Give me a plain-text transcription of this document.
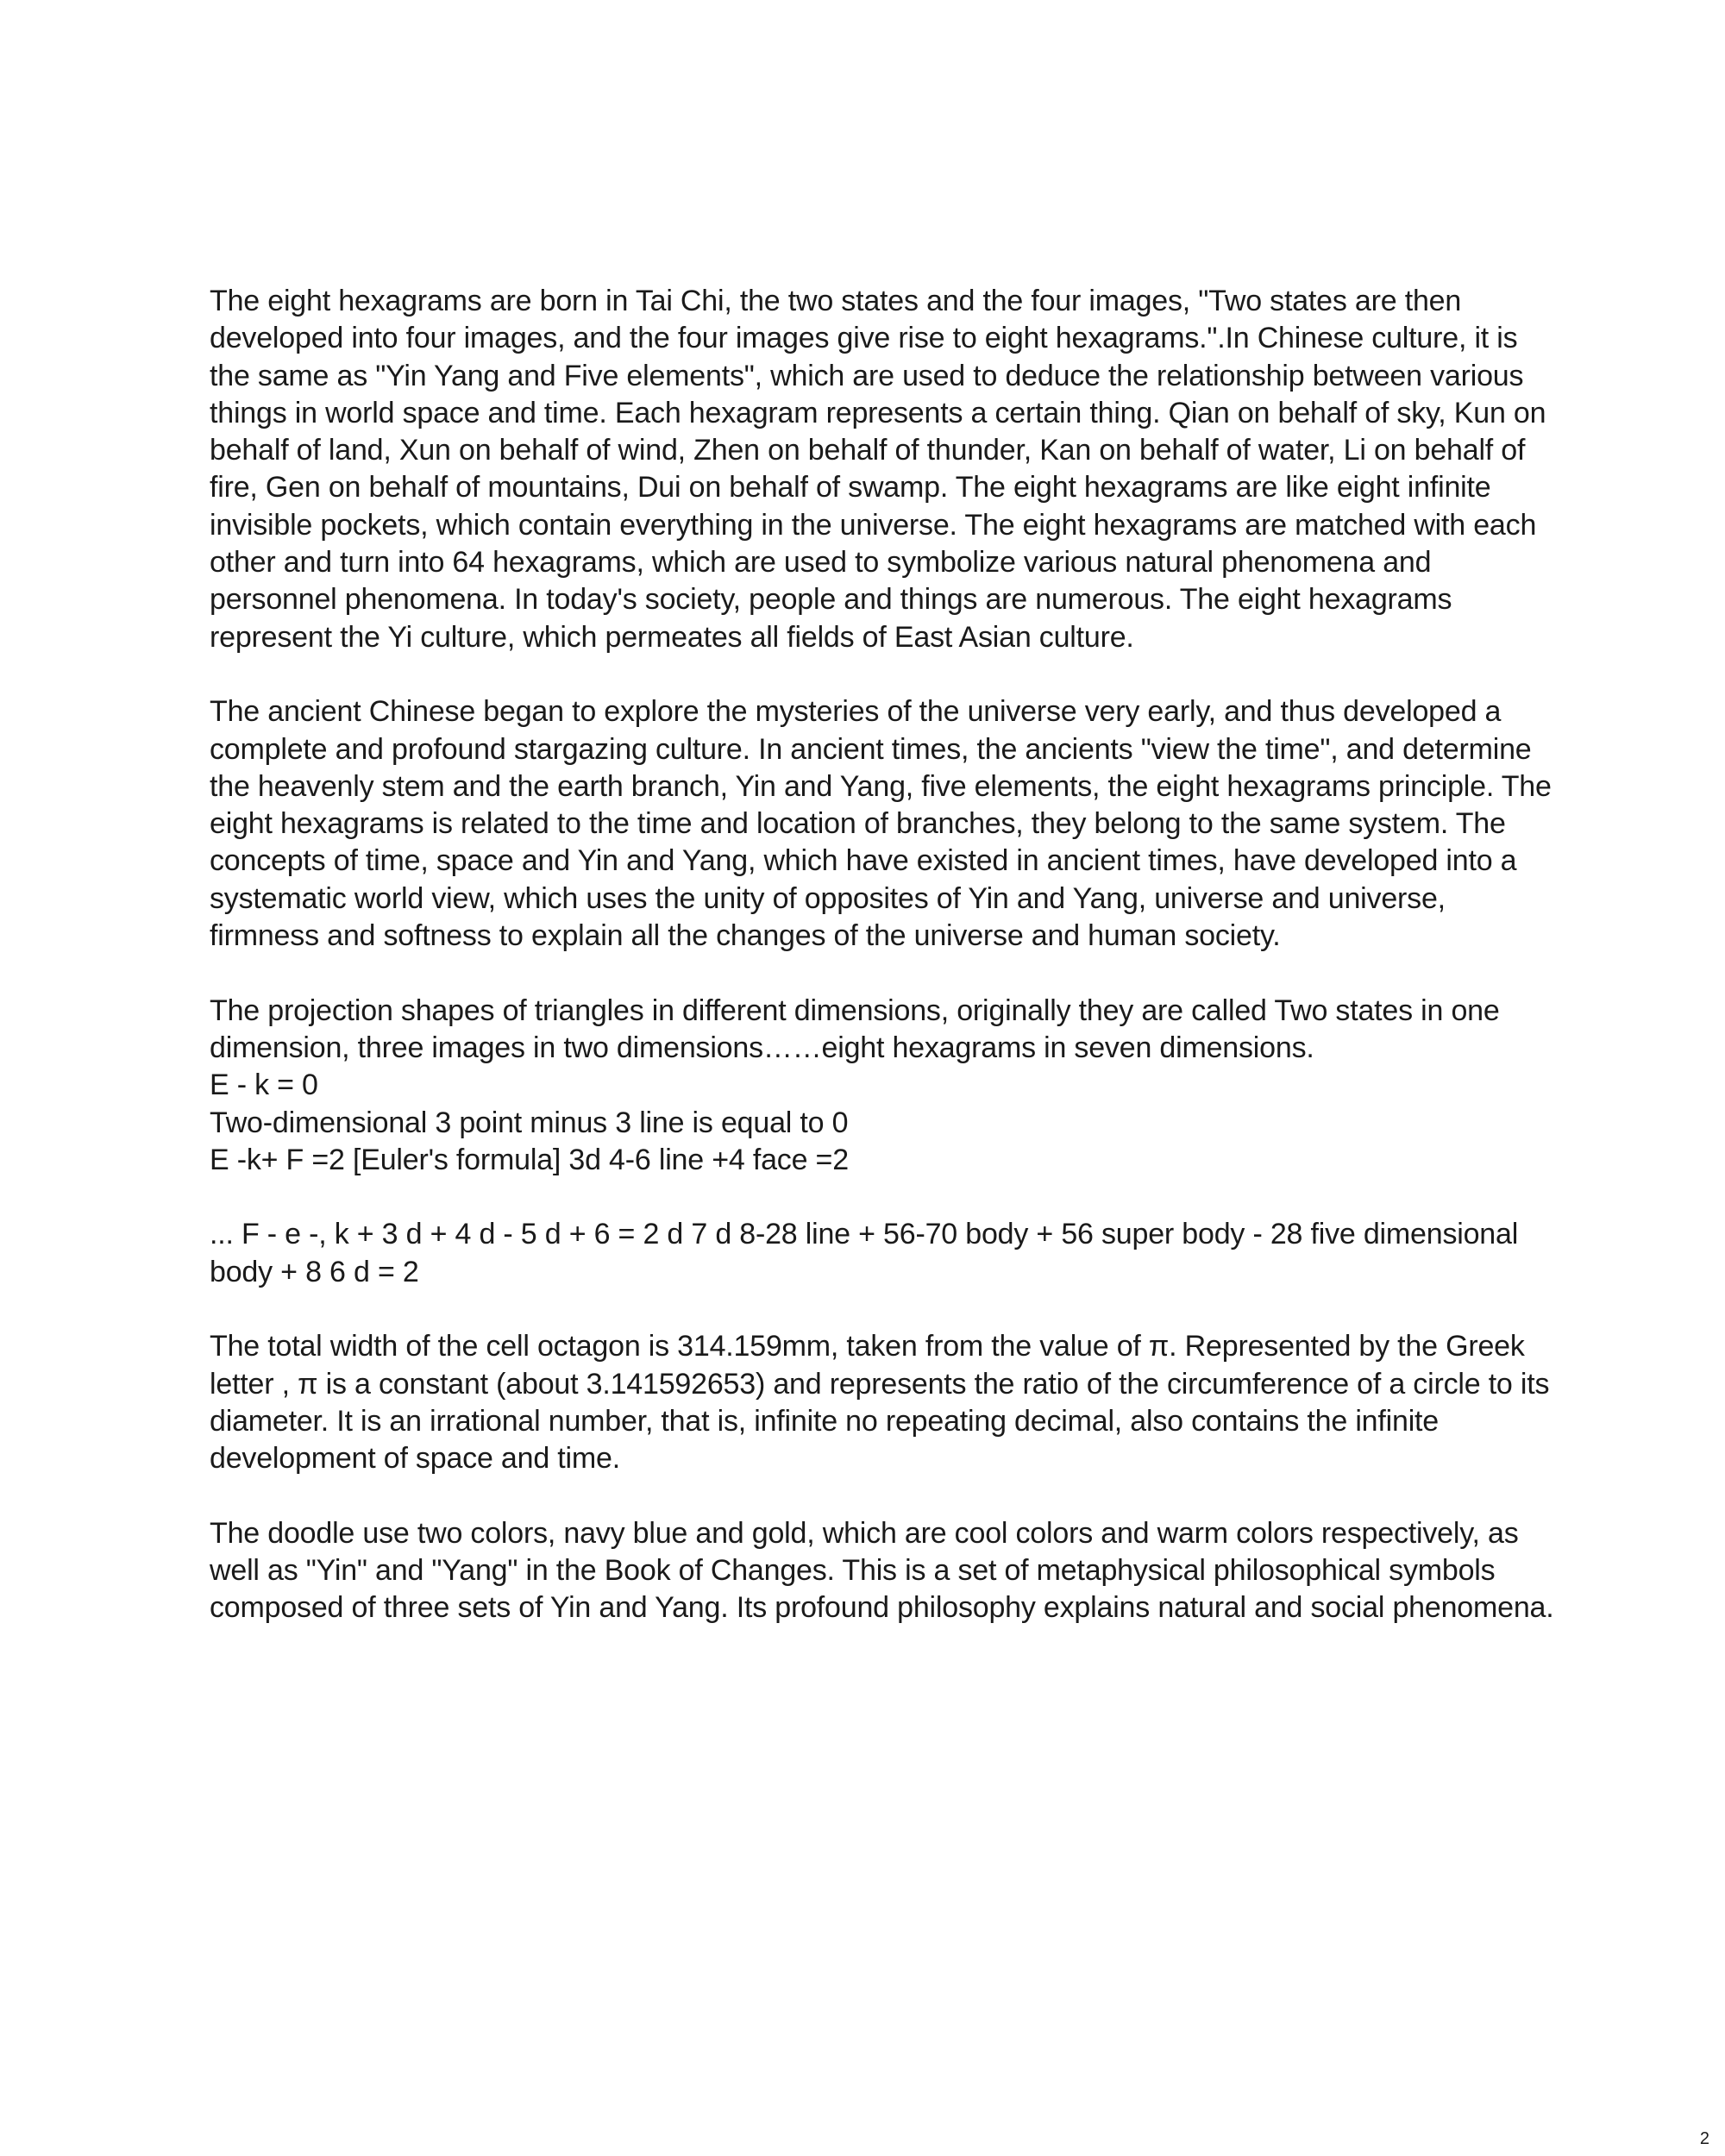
The eight hexagrams are born in Tai Chi, the two states and the four images, "Two states are then developed into four images, and the four images give rise to eight hexagrams.".In Chinese culture, it is the same as "Yin Yang and Five elements", which are used to deduce the relationship between various things in world space and time. Each hexagram represents a certain thing. Qian on behalf of sky, Kun on behalf of land, Xun on behalf of wind, Zhen on behalf of thunder, Kan on behalf of water, Li on behalf of fire, Gen on behalf of mountains, Dui on behalf of swamp. The eight hexagrams are like eight infinite invisible pockets, which contain everything in the universe. The eight hexagrams are matched with each other and turn into 64 hexagrams, which are used to symbolize various natural phenomena and personnel phenomena. In today's society, people and things are numerous. The eight hexagrams represent the Yi culture, which permeates all fields of East Asian culture.

The ancient Chinese began to explore the mysteries of the universe very early, and thus developed a complete and profound stargazing culture. In ancient times, the ancients "view the time", and determine the heavenly stem and the earth branch, Yin and Yang, five elements, the eight hexagrams principle. The eight hexagrams is related to the time and location of branches, they belong to the same system. The concepts of time, space and Yin and Yang, which have existed in ancient times, have developed into a systematic world view, which uses the unity of opposites of Yin and Yang, universe and universe, firmness and softness to explain all the changes of the universe and human society.

The projection shapes of triangles in different dimensions, originally they are called Two states in one dimension, three images in two dimensions……eight hexagrams in seven dimensions.

E - k = 0

Two-dimensional 3 point minus 3 line is equal to 0

E -k+ F =2 [Euler's formula] 3d 4-6 line +4 face =2

... F - e -, k + 3 d + 4 d - 5 d + 6 = 2 d 7 d 8-28 line + 56-70 body + 56 super body - 28 five dimensional body + 8 6 d = 2

The total width of the cell octagon is 314.159mm, taken from the value of π. Represented by the Greek letter , π is a constant (about 3.141592653) and represents the ratio of the circumference of a circle to its diameter. It is an irrational number, that is, infinite no repeating decimal, also contains the infinite development of space and time.

The doodle use two colors, navy blue and gold, which are cool colors and warm colors respectively, as well as "Yin" and "Yang" in the Book of Changes. This is a set of metaphysical philosophical symbols composed of three sets of Yin and Yang. Its profound philosophy explains natural and social phenomena.

2
